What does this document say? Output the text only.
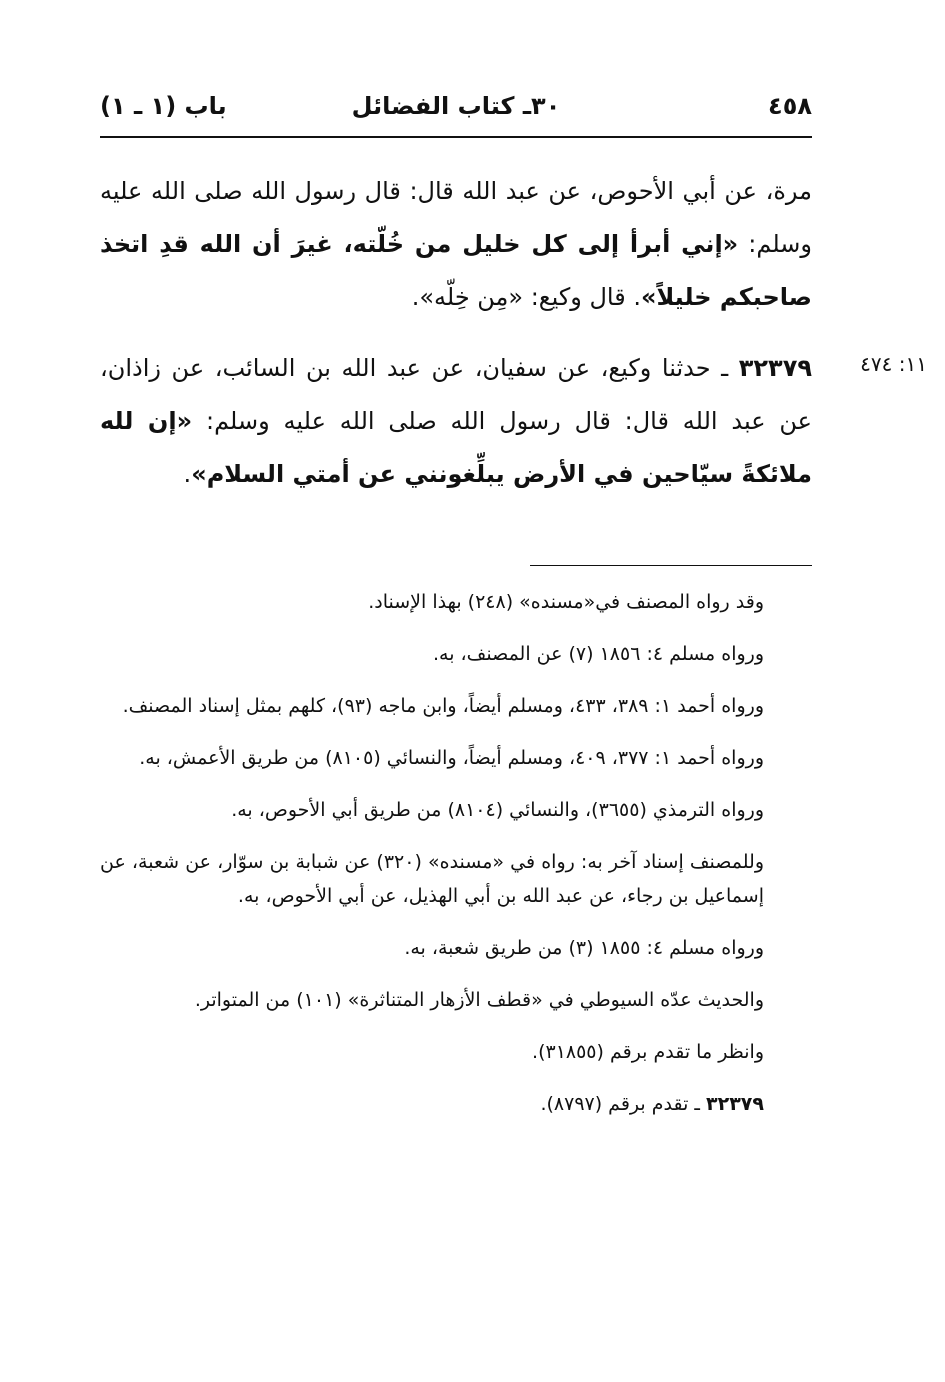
٤٥٨
٣٠ـ كتاب الفضائل
باب (١ ـ ١)

مرة، عن أبي الأحوص، عن عبد الله قال: قال رسول الله صلى الله عليه وسلم: «إني أبرأ إلى كل خليل من خُلّته، غيرَ أن الله قدِ اتخذ صاحبكم خليلاً». قال وكيع: «مِن خِلّه».

١١: ٤٧٤

٣٢٣٧٩ ـ حدثنا وكيع، عن سفيان، عن عبد الله بن السائب، عن زاذان، عن عبد الله قال: قال رسول الله صلى الله عليه وسلم: «إن لله ملائكةً سيّاحين في الأرض يبلِّغونني عن أمتي السلام».

وقد رواه المصنف في«مسنده» (٢٤٨) بهذا الإسناد.

ورواه مسلم ٤: ١٨٥٦ (٧) عن المصنف، به.

ورواه أحمد ١: ٣٨٩، ٤٣٣، ومسلم أيضاً، وابن ماجه (٩٣)، كلهم بمثل إسناد المصنف.

ورواه أحمد ١: ٣٧٧، ٤٠٩، ومسلم أيضاً، والنسائي (٨١٠٥) من طريق الأعمش، به.

ورواه الترمذي (٣٦٥٥)، والنسائي (٨١٠٤) من طريق أبي الأحوص، به.

وللمصنف إسناد آخر به: رواه في «مسنده» (٣٢٠) عن شبابة بن سوّار، عن شعبة، عن إسماعيل بن رجاء، عن عبد الله بن أبي الهذيل، عن أبي الأحوص، به.

ورواه مسلم ٤: ١٨٥٥ (٣) من طريق شعبة، به.

والحديث عدّه السيوطي في «قطف الأزهار المتناثرة» (١٠١) من المتواتر.

وانظر ما تقدم برقم (٣١٨٥٥).

٣٢٣٧٩ ـ تقدم برقم (٨٧٩٧).
